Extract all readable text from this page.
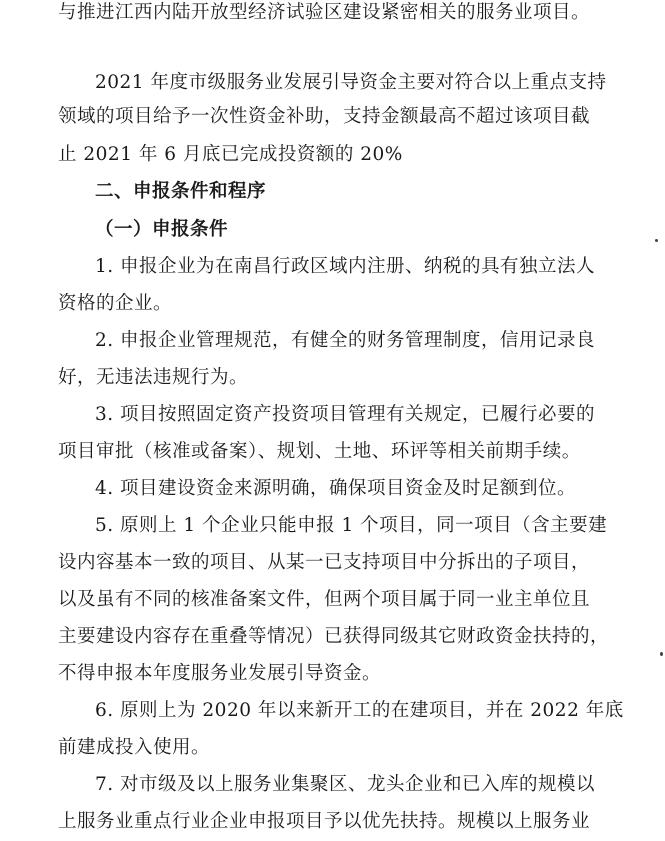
与推进江西内陆开放型经济试验区建设紧密相关的服务业项目。
2021 年度市级服务业发展引导资金主要对符合以上重点支持
领域的项目给予一次性资金补助，支持金额最高不超过该项目截
止 2021 年 6 月底已完成投资额的 20%
二、申报条件和程序
（一）申报条件
1. 申报企业为在南昌行政区域内注册、纳税的具有独立法人
资格的企业。
2. 申报企业管理规范，有健全的财务管理制度，信用记录良
好，无违法违规行为。
3. 项目按照固定资产投资项目管理有关规定，已履行必要的
项目审批（核准或备案）、规划、土地、环评等相关前期手续。
4. 项目建设资金来源明确，确保项目资金及时足额到位。
5. 原则上 1 个企业只能申报 1 个项目，同一项目（含主要建
设内容基本一致的项目、从某一已支持项目中分拆出的子项目，
以及虽有不同的核准备案文件，但两个项目属于同一业主单位且
主要建设内容存在重叠等情况）已获得同级其它财政资金扶持的，
不得申报本年度服务业发展引导资金。
6. 原则上为 2020 年以来新开工的在建项目，并在 2022 年底
前建成投入使用。
7. 对市级及以上服务业集聚区、龙头企业和已入库的规模以
上服务业重点行业企业申报项目予以优先扶持。规模以上服务业
